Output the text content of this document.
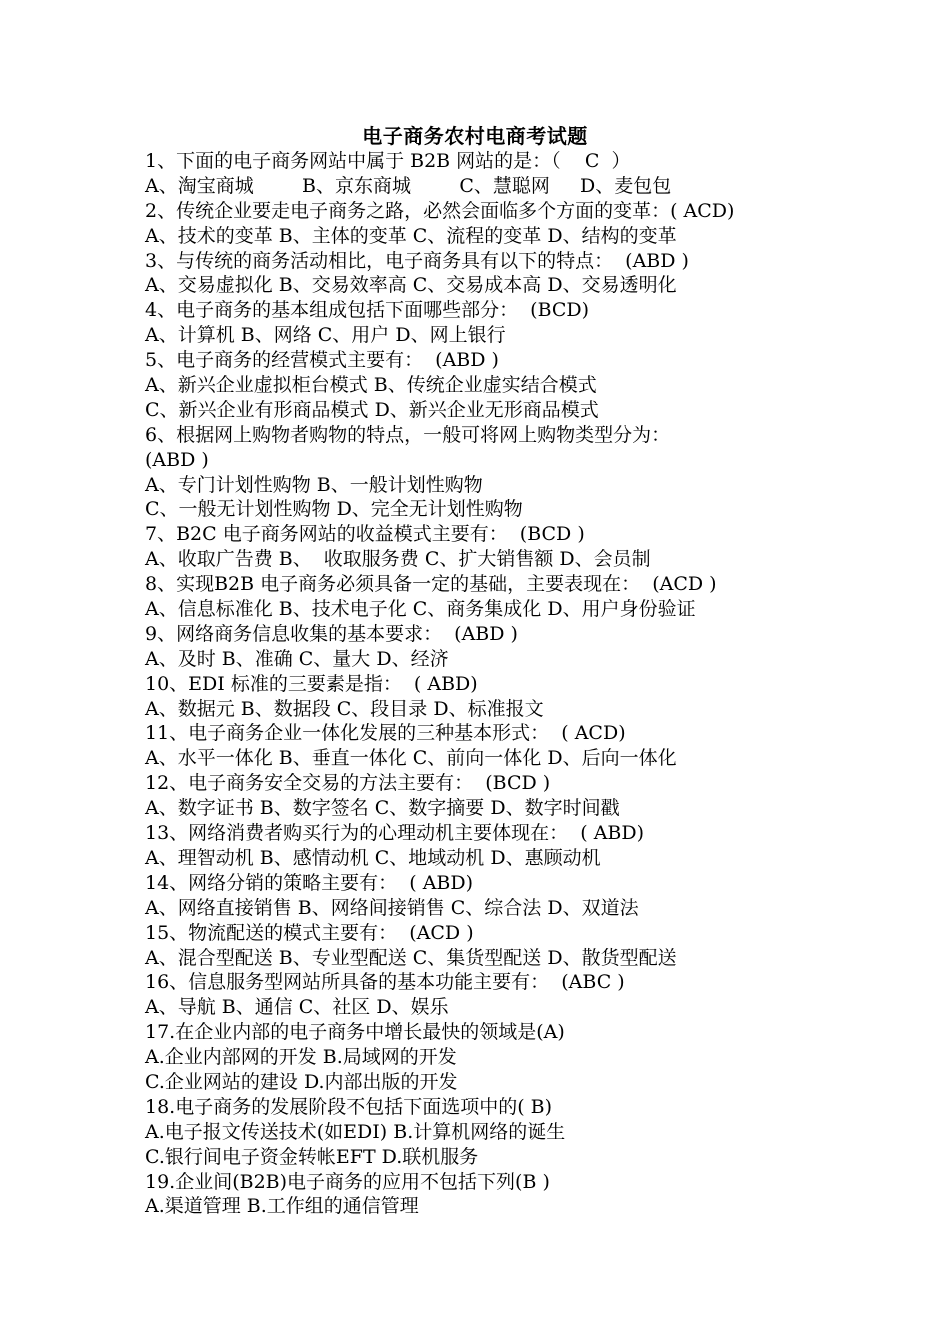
电子商务农村电商考试题
1、下面的电子商务网站中属于 B2B 网站的是：（    C  ）
A、淘宝商城        B、京东商城        C、慧聪网     D、麦包包
2、传统企业要走电子商务之路，必然会面临多个方面的变革：( ACD)
A、技术的变革 B、主体的变革 C、流程的变革 D、结构的变革
3、与传统的商务活动相比，电子商务具有以下的特点：  (ABD )
A、交易虚拟化 B、交易效率高 C、交易成本高 D、交易透明化
4、电子商务的基本组成包括下面哪些部分：  (BCD)
A、计算机 B、网络 C、用户 D、网上银行
5、电子商务的经营模式主要有：  (ABD )
A、新兴企业虚拟柜台模式 B、传统企业虚实结合模式
C、新兴企业有形商品模式 D、新兴企业无形商品模式
6、根据网上购物者购物的特点，一般可将网上购物类型分为：
(ABD )
A、专门计划性购物 B、一般计划性购物
C、一般无计划性购物 D、完全无计划性购物
7、B2C 电子商务网站的收益模式主要有：  (BCD )
A、收取广告费 B、  收取服务费 C、扩大销售额 D、会员制
8、实现B2B 电子商务必须具备一定的基础，主要表现在：  (ACD )
A、信息标准化 B、技术电子化 C、商务集成化 D、用户身份验证
9、网络商务信息收集的基本要求：  (ABD )
A、及时 B、准确 C、量大 D、经济
10、EDI 标准的三要素是指：  ( ABD)
A、数据元 B、数据段 C、段目录 D、标准报文
11、电子商务企业一体化发展的三种基本形式：  ( ACD)
A、水平一体化 B、垂直一体化 C、前向一体化 D、后向一体化
12、电子商务安全交易的方法主要有：  (BCD )
A、数字证书 B、数字签名 C、数字摘要 D、数字时间戳
13、网络消费者购买行为的心理动机主要体现在：  ( ABD)
A、理智动机 B、感情动机 C、地域动机 D、惠顾动机
14、网络分销的策略主要有：  ( ABD)
A、网络直接销售 B、网络间接销售 C、综合法 D、双道法
15、物流配送的模式主要有：  (ACD )
A、混合型配送 B、专业型配送 C、集货型配送 D、散货型配送
16、信息服务型网站所具备的基本功能主要有：  (ABC )
A、导航 B、通信 C、社区 D、娱乐
17.在企业内部的电子商务中增长最快的领域是(A)
A.企业内部网的开发 B.局域网的开发
C.企业网站的建设 D.内部出版的开发
18.电子商务的发展阶段不包括下面选项中的( B)
A.电子报文传送技术(如EDI) B.计算机网络的诞生
C.银行间电子资金转帐EFT D.联机服务
19.企业间(B2B)电子商务的应用不包括下列(B )
A.渠道管理 B.工作组的通信管理
